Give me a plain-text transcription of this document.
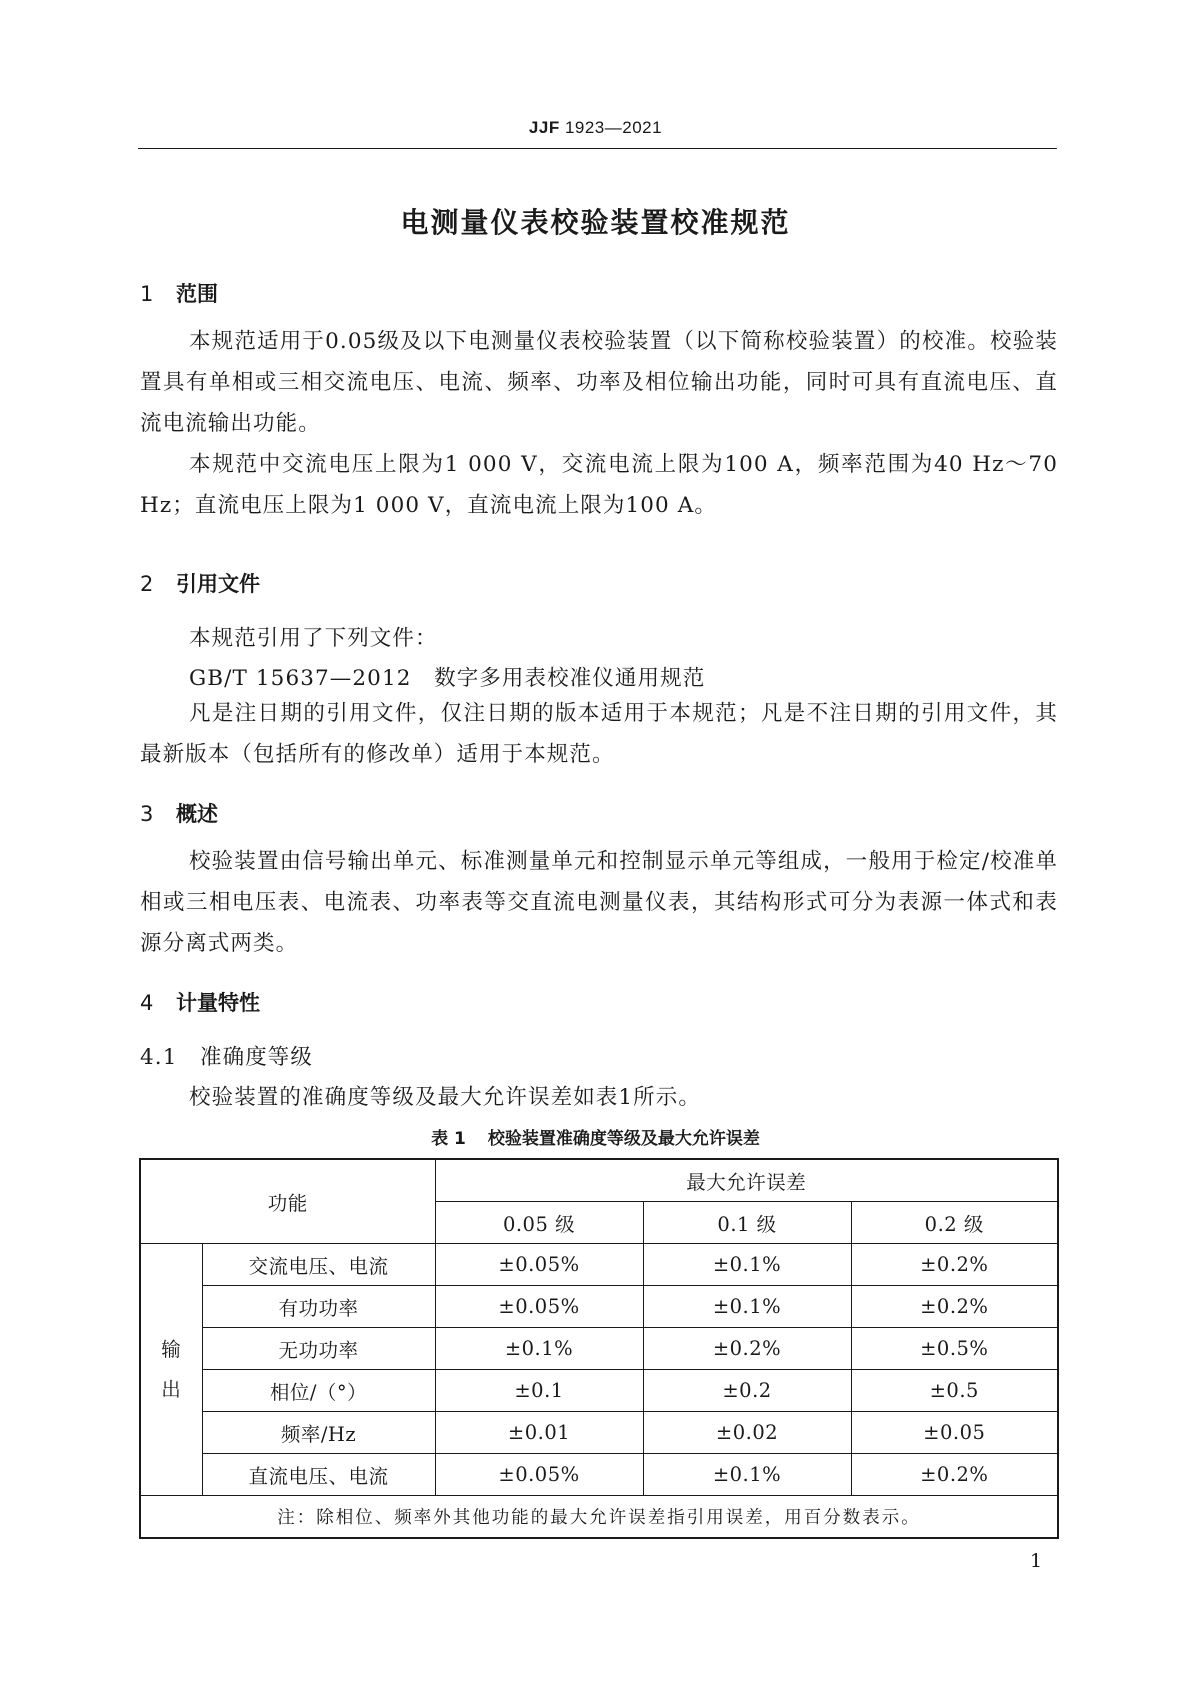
JJF 1923—2021
电测量仪表校验装置校准规范
1 范围
本规范适用于0.05级及以下电测量仪表校验装置（以下简称校验装置）的校准。校验装置具有单相或三相交流电压、电流、频率、功率及相位输出功能，同时可具有直流电压、直流电流输出功能。
本规范中交流电压上限为1 000 V，交流电流上限为100 A，频率范围为40 Hz～70 Hz；直流电压上限为1 000 V，直流电流上限为100 A。
2 引用文件
本规范引用了下列文件：
GB/T 15637—2012　数字多用表校准仪通用规范
凡是注日期的引用文件，仅注日期的版本适用于本规范；凡是不注日期的引用文件，其最新版本（包括所有的修改单）适用于本规范。
3 概述
校验装置由信号输出单元、标准测量单元和控制显示单元等组成，一般用于检定/校准单相或三相电压表、电流表、功率表等交直流电测量仪表，其结构形式可分为表源一体式和表源分离式两类。
4 计量特性
4.1 准确度等级
校验装置的准确度等级及最大允许误差如表1所示。
表 1 校验装置准确度等级及最大允许误差
功能		最大允许误差		
		0.05 级	0.1 级	0.2 级
输
出	交流电压、电流	±0.05%	±0.1%	±0.2%
	有功功率	±0.05%	±0.1%	±0.2%
	无功功率	±0.1%	±0.2%	±0.5%
	相位/（°）	±0.1	±0.2	±0.5
	频率/Hz	±0.01	±0.02	±0.05
	直流电压、电流	±0.05%	±0.1%	±0.2%
注：除相位、频率外其他功能的最大允许误差指引用误差，用百分数表示。				
1
